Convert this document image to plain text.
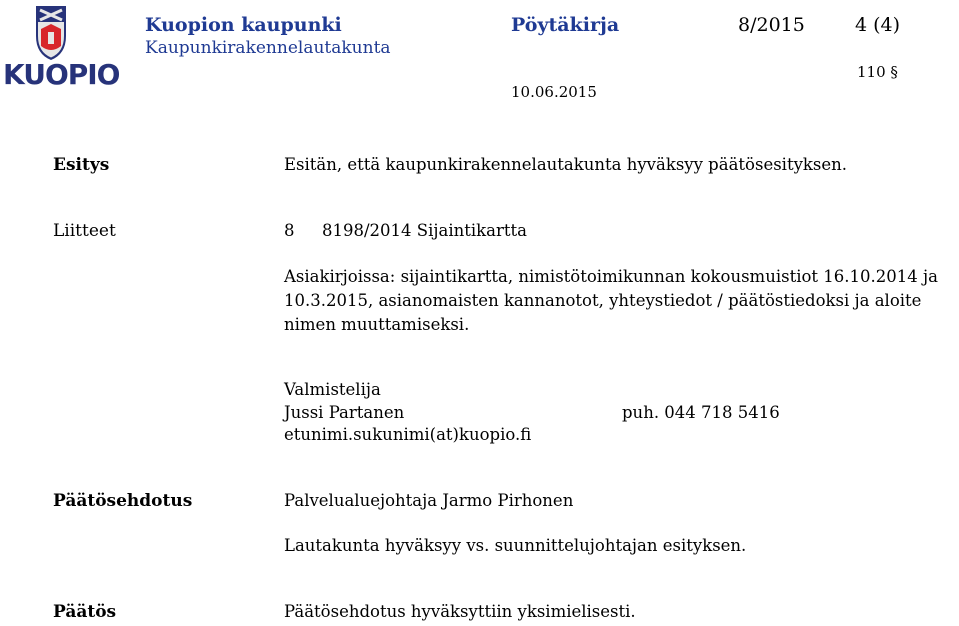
KUOPIO
Kuopion kaupunki
Kaupunkirakennelautakunta
Pöytäkirja	8/2015	4 (4)
110 §
10.06.2015
Esitys	Esitän, että kaupunkirakennelautakunta hyväksyy päätösesityksen.
Liitteet	8 8198/2014 Sijaintikartta
Asiakirjoissa: sijaintikartta, nimistötoimikunnan kokousmuistiot 16.10.2014 ja 10.3.2015, asianomaisten kannanotot, yhteystiedot / päätöstiedoksi ja aloite nimen muuttamiseksi.
Valmistelija
Jussi Partanen	puh. 044 718 5416
etunimi.sukunimi(at)kuopio.fi
Päätösehdotus	Palvelualuejohtaja Jarmo Pirhonen
Lautakunta hyväksyy vs. suunnittelujohtajan esityksen.
Päätös	Päätösehdotus hyväksyttiin yksimielisesti.
